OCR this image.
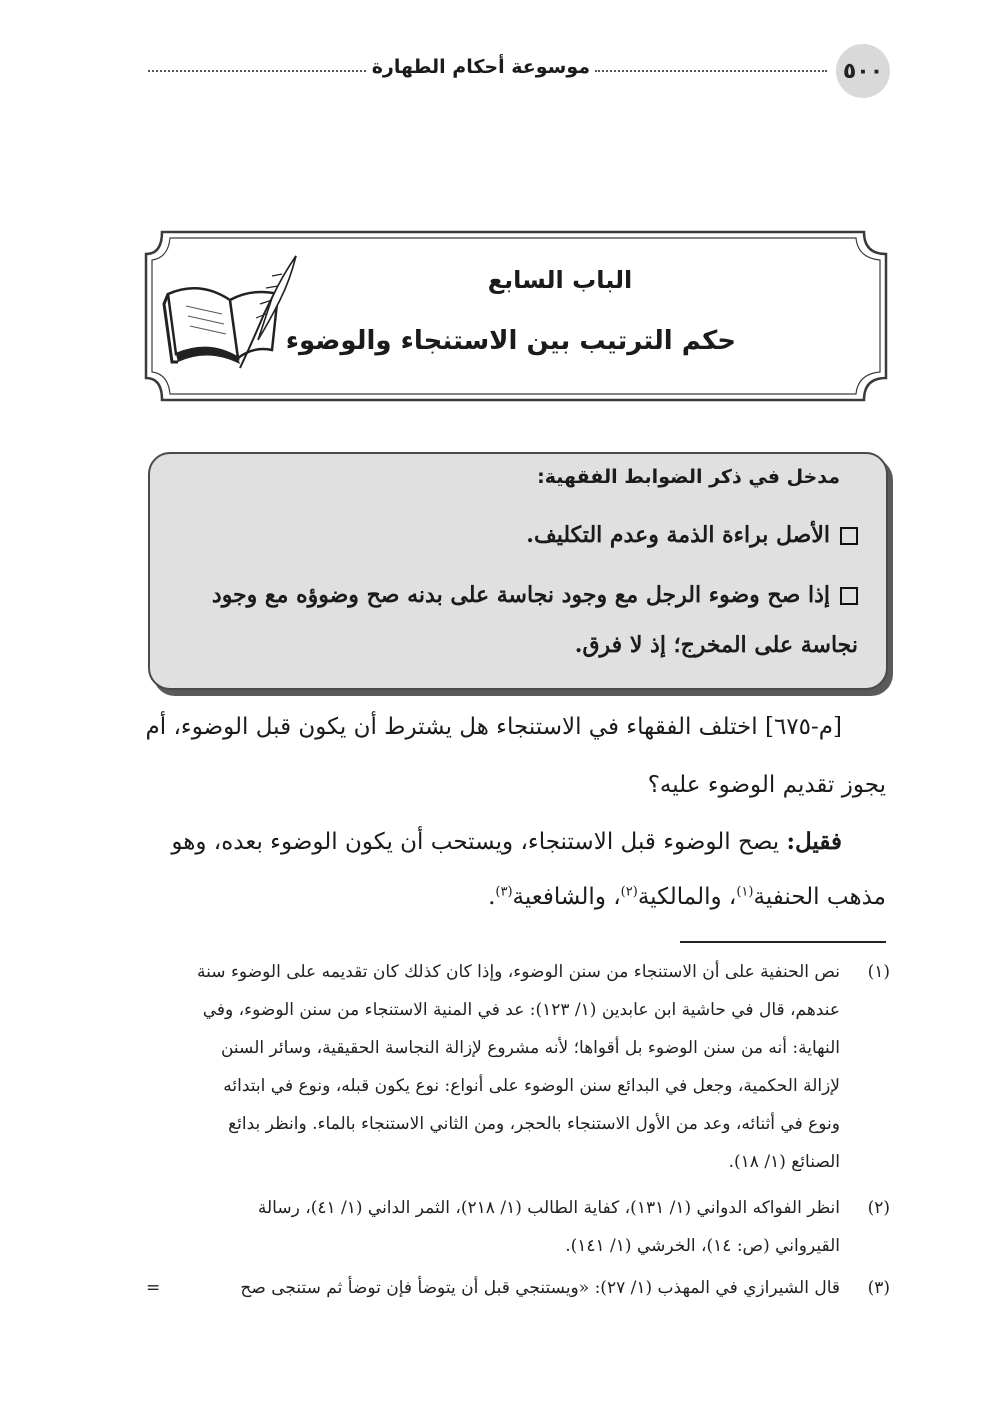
٥٠٠
موسوعة أحكام الطهارة
الباب السابع
حكم الترتيب بين الاستنجاء والوضوء
مدخل في ذكر الضوابط الفقهية:
الأصل براءة الذمة وعدم التكليف.
إذا صح وضوء الرجل مع وجود نجاسة على بدنه صح وضوؤه مع وجود
نجاسة على المخرج؛ إذ لا فرق.
[م-٦٧٥] اختلف الفقهاء في الاستنجاء هل يشترط أن يكون قبل الوضوء، أم
يجوز تقديم الوضوء عليه؟
فقيل: يصح الوضوء قبل الاستنجاء، ويستحب أن يكون الوضوء بعده، وهو
مذهب الحنفية$^{(١)}$، والمالكية$^{(٢)}$، والشافعية$^{(٣)}$.
(١)
نص الحنفية على أن الاستنجاء من سنن الوضوء، وإذا كان كذلك كان تقديمه على الوضوء سنة
عندهم، قال في حاشية ابن عابدين (١/ ١٢٣): عد في المنية الاستنجاء من سنن الوضوء، وفي
النهاية: أنه من سنن الوضوء بل أقواها؛ لأنه مشروع لإزالة النجاسة الحقيقية، وسائر السنن
لإزالة الحكمية، وجعل في البدائع سنن الوضوء على أنواع: نوع يكون قبله، ونوع في ابتدائه
ونوع في أثنائه، وعد من الأول الاستنجاء بالحجر، ومن الثاني الاستنجاء بالماء. وانظر بدائع
الصنائع (١/ ١٨).
(٢)
انظر الفواكه الدواني (١/ ١٣١)، كفاية الطالب (١/ ٢١٨)، الثمر الداني (١/ ٤١)، رسالة
القيرواني (ص: ١٤)، الخرشي (١/ ١٤١).
(٣)
قال الشيرازي في المهذب (١/ ٢٧): «ويستنجي قبل أن يتوضأ فإن توضأ ثم ستنجى صح
=
